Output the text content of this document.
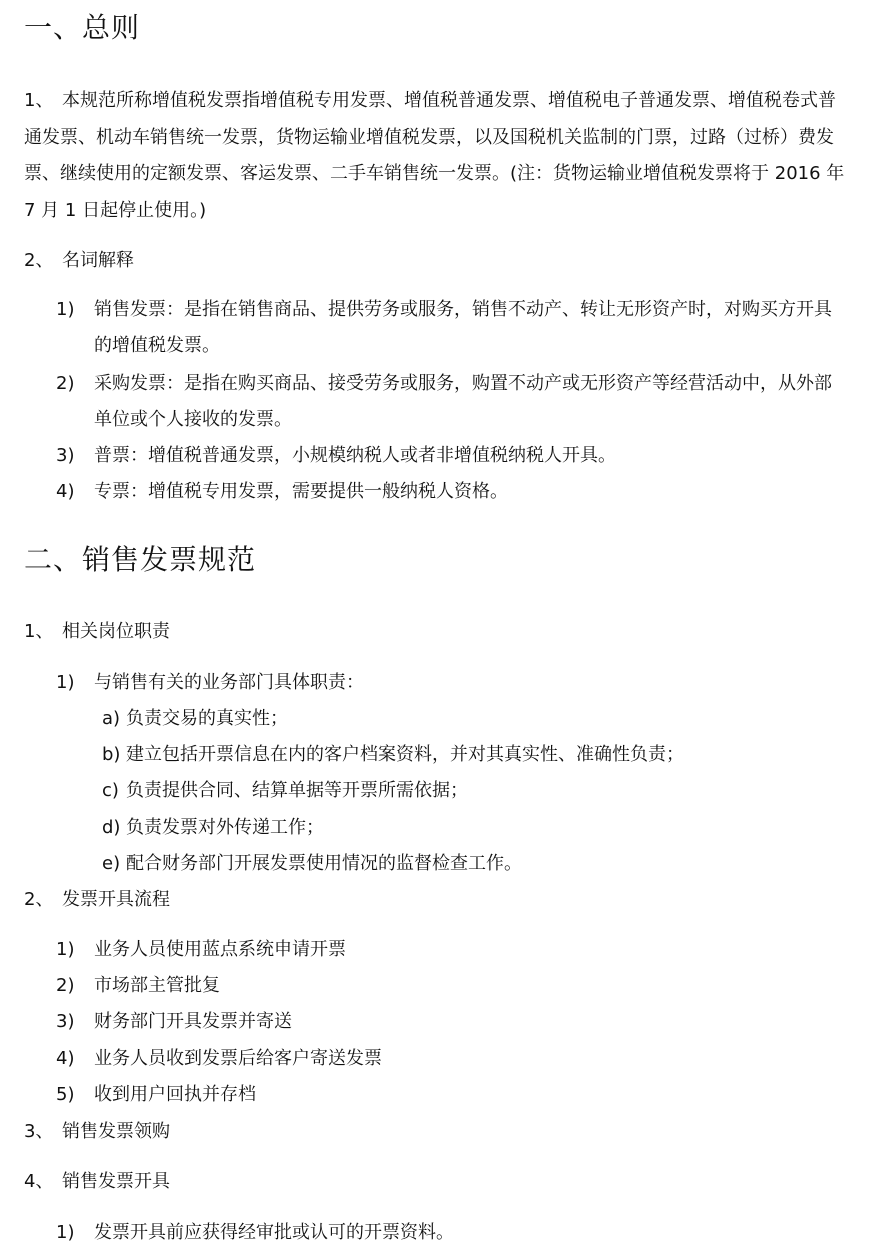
一、总则
1、 本规范所称增值税发票指增值税专用发票、增值税普通发票、增值税电子普通发票、增值税卷式普
通发票、机动车销售统一发票，货物运输业增值税发票，以及国税机关监制的门票，过路（过桥）费发
票、继续使用的定额发票、客运发票、二手车销售统一发票。(注：货物运输业增值税发票将于 2016 年
7 月 1 日起停止使用。)
2、 名词解释
1) 销售发票：是指在销售商品、提供劳务或服务，销售不动产、转让无形资产时，对购买方开具
的增值税发票。
2) 采购发票：是指在购买商品、接受劳务或服务，购置不动产或无形资产等经营活动中，从外部
单位或个人接收的发票。
3) 普票：增值税普通发票，小规模纳税人或者非增值税纳税人开具。
4) 专票：增值税专用发票，需要提供一般纳税人资格。
二、销售发票规范
1、 相关岗位职责
1) 与销售有关的业务部门具体职责：
a) 负责交易的真实性；
b) 建立包括开票信息在内的客户档案资料，并对其真实性、准确性负责；
c) 负责提供合同、结算单据等开票所需依据；
d) 负责发票对外传递工作；
e) 配合财务部门开展发票使用情况的监督检查工作。
2、 发票开具流程
1) 业务人员使用蓝点系统申请开票
2) 市场部主管批复
3) 财务部门开具发票并寄送
4) 业务人员收到发票后给客户寄送发票
5) 收到用户回执并存档
3、 销售发票领购
4、 销售发票开具
1) 发票开具前应获得经审批或认可的开票资料。
